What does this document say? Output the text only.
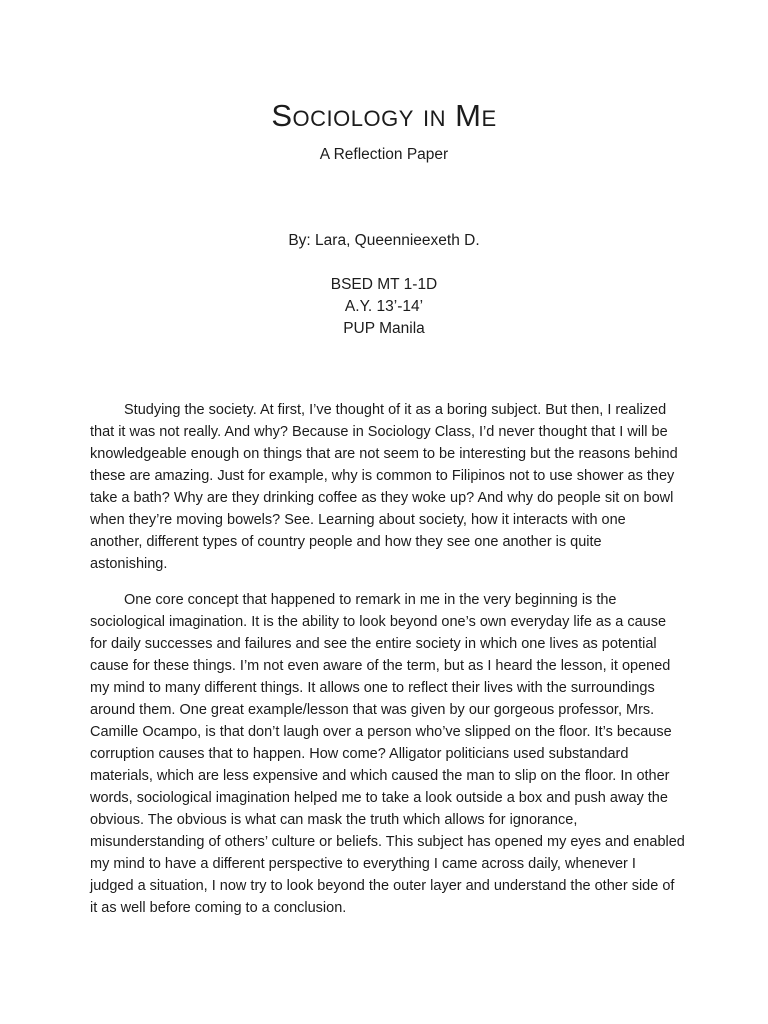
Sociology in Me
A Reflection Paper
By: Lara, Queennieexeth D.
BSED MT 1-1D
A.Y. 13’-14’
PUP Manila

Studying the society. At first, I’ve thought of it as a boring subject. But then, I realized
that it was not really. And why? Because in Sociology Class, I’d never thought that I will be
knowledgeable enough on things that are not seem to be interesting but the reasons behind
these are amazing. Just for example, why is common to Filipinos not to use shower as they
take a bath? Why are they drinking coffee as they woke up? And why do people sit on bowl
when they’re moving bowels? See. Learning about society, how it interacts with one
another, different types of country people and how they see one another is quite
astonishing.

One core concept that happened to remark in me in the very beginning is the
sociological imagination. It is the ability to look beyond one’s own everyday life as a cause
for daily successes and failures and see the entire society in which one lives as potential
cause for these things. I’m not even aware of the term, but as I heard the lesson, it opened
my mind to many different things. It allows one to reflect their lives with the surroundings
around them. One great example/lesson that was given by our gorgeous professor, Mrs.
Camille Ocampo, is that don’t laugh over a person who’ve slipped on the floor. It’s because
corruption causes that to happen. How come? Alligator politicians used substandard
materials, which are less expensive and which caused the man to slip on the floor. In other
words, sociological imagination helped me to take a look outside a box and push away the
obvious. The obvious is what can mask the truth which allows for ignorance,
misunderstanding of others’ culture or beliefs. This subject has opened my eyes and enabled
my mind to have a different perspective to everything I came across daily, whenever I
judged a situation, I now try to look beyond the outer layer and understand the other side of
it as well before coming to a conclusion.
